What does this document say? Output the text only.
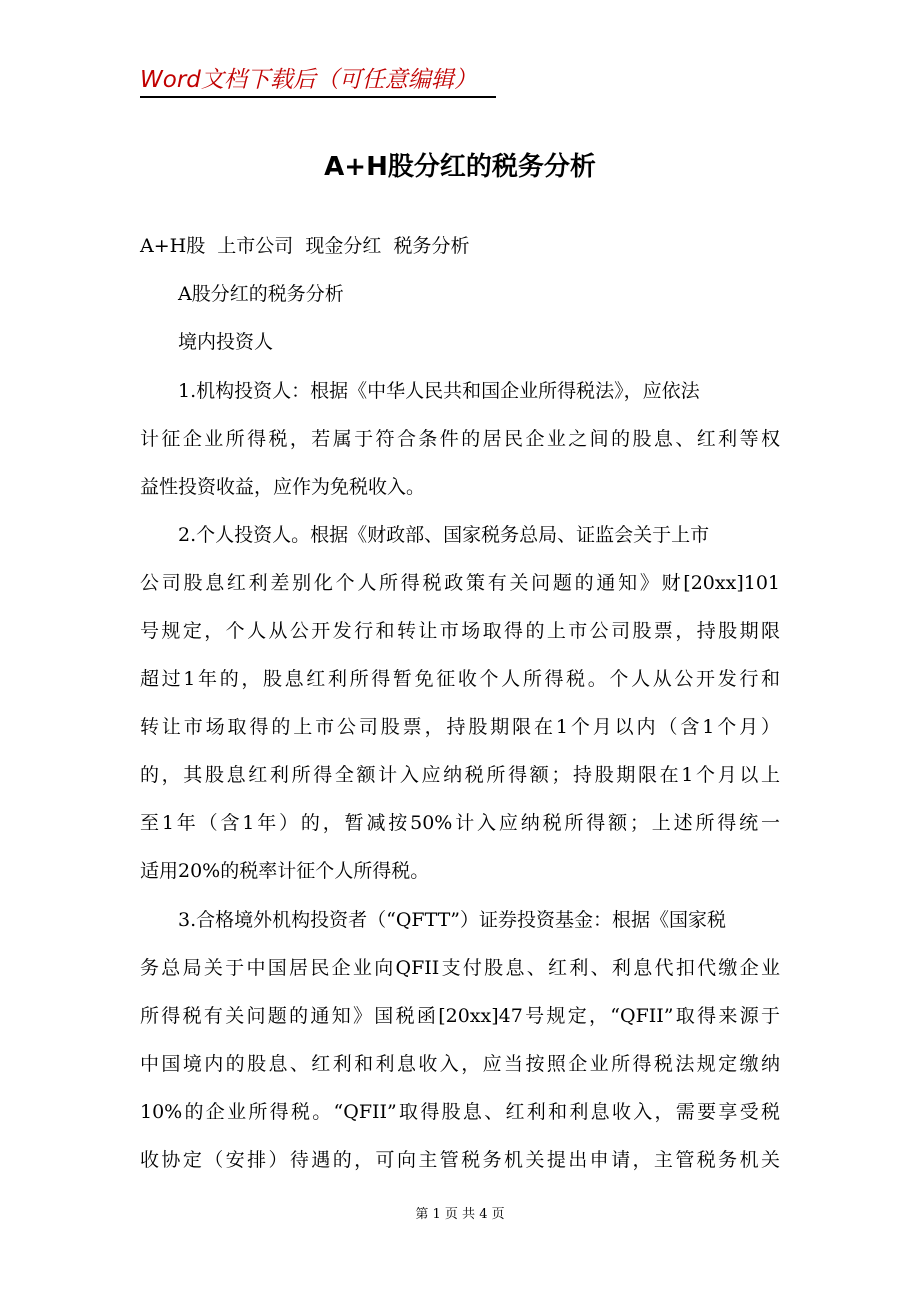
Word文档下载后（可任意编辑）
A+H股分红的税务分析
A+H股  上市公司  现金分红  税务分析
A股分红的税务分析
境内投资人
1.机构投资人：根据《中华人民共和国企业所得税法》，应依法
计征企业所得税，若属于符合条件的居民企业之间的股息、红利等权
益性投资收益，应作为免税收入。
2.个人投资人。根据《财政部、国家税务总局、证监会关于上市
公司股息红利差别化个人所得税政策有关问题的通知》财[20xx]101
号规定，个人从公开发行和转让市场取得的上市公司股票，持股期限
超过1年的，股息红利所得暂免征收个人所得税。个人从公开发行和
转让市场取得的上市公司股票，持股期限在1个月以内（含1个月）
的，其股息红利所得全额计入应纳税所得额；持股期限在1个月以上
至1年（含1年）的，暂减按50%计入应纳税所得额；上述所得统一
适用20%的税率计征个人所得税。
3.合格境外机构投资者（“QFTT”）证券投资基金：根据《国家税
务总局关于中国居民企业向QFII支付股息、红利、利息代扣代缴企业
所得税有关问题的通知》国税函[20xx]47号规定，“QFII”取得来源于
中国境内的股息、红利和利息收入，应当按照企业所得税法规定缴纳
10%的企业所得税。“QFII”取得股息、红利和利息收入，需要享受税
收协定（安排）待遇的，可向主管税务机关提出申请，主管税务机关
第 1 页 共 4 页
